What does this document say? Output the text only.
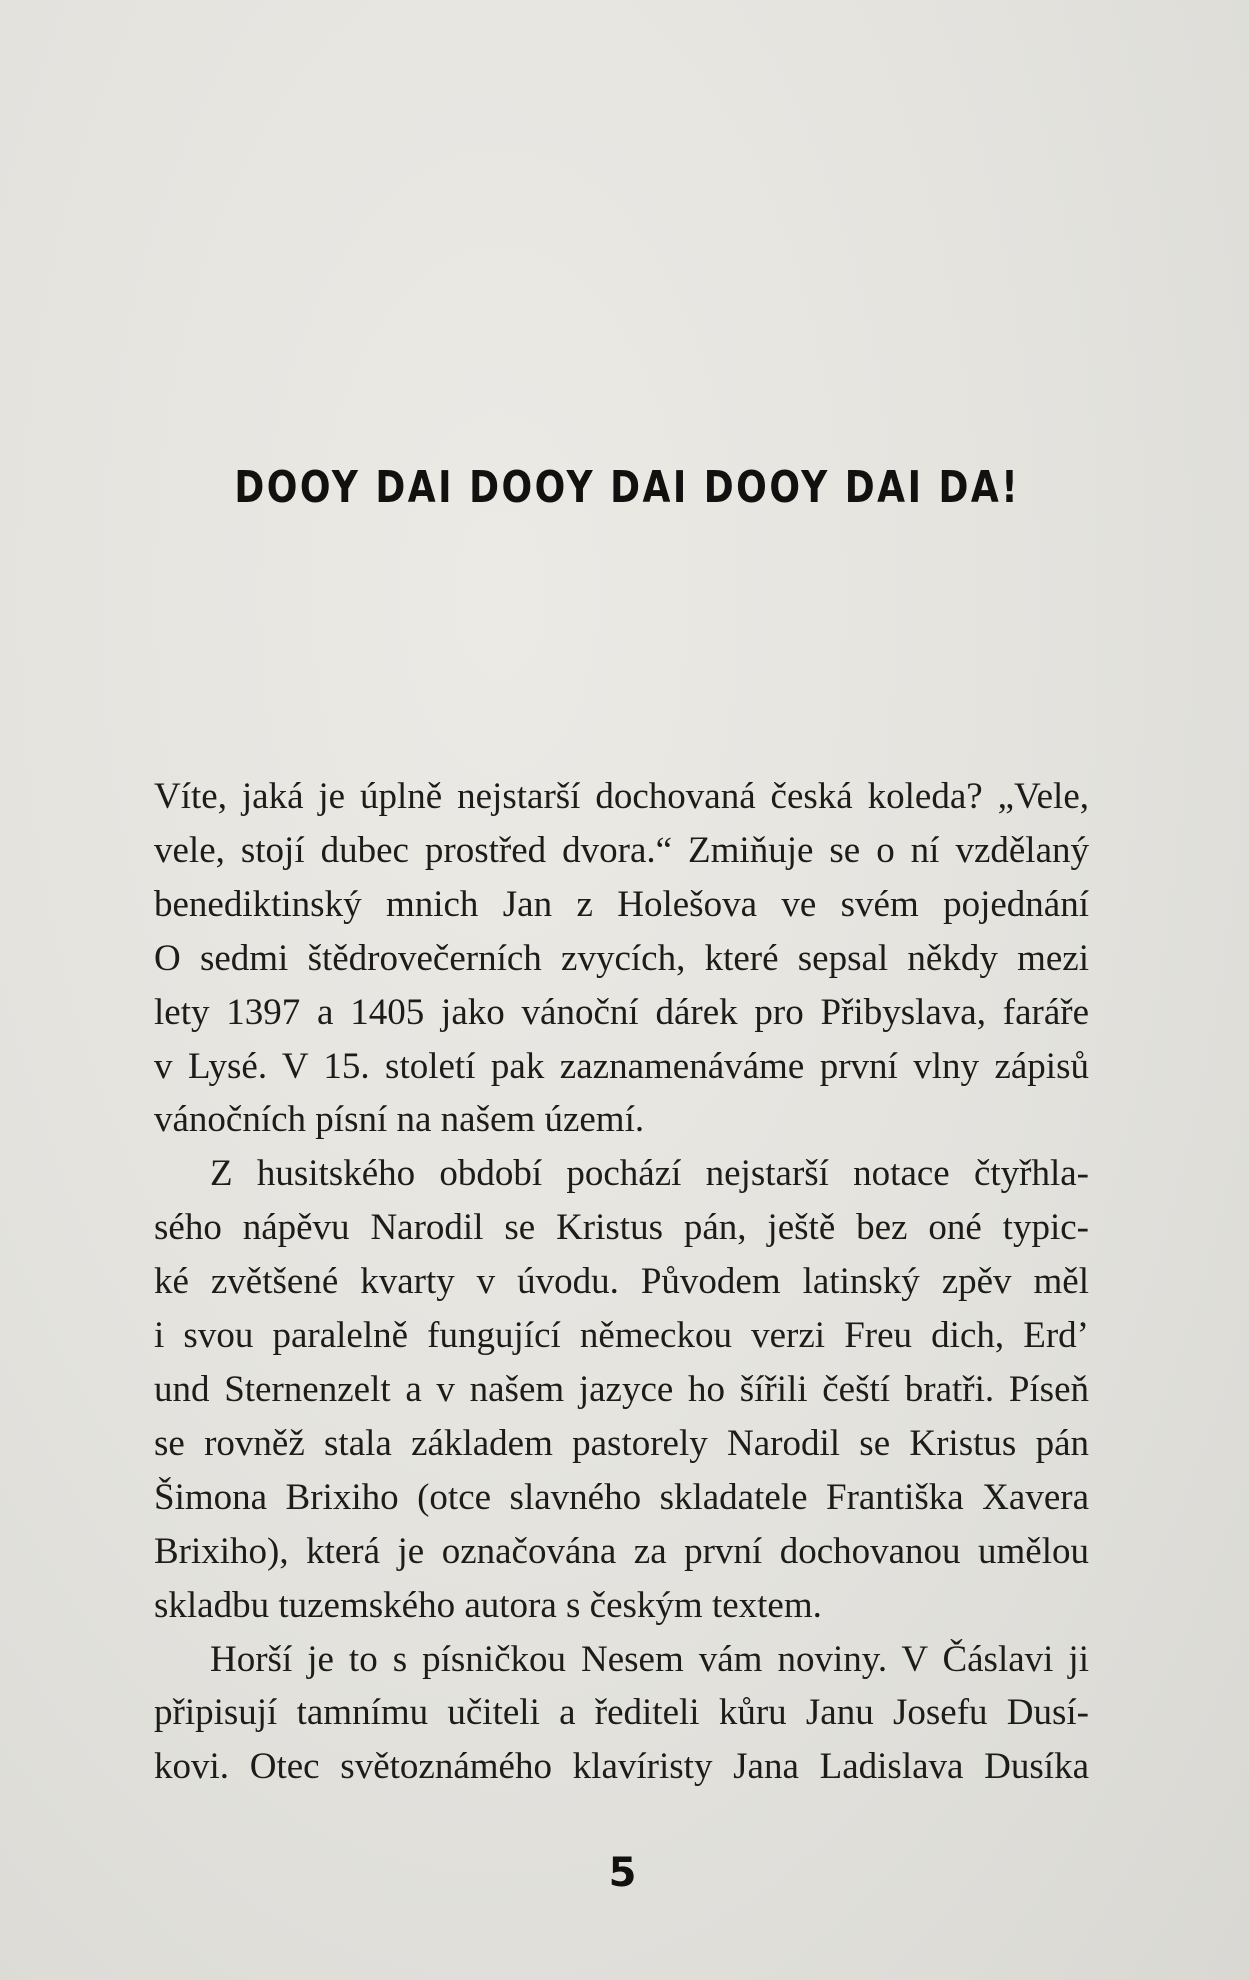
DOOY DAI DOOY DAI DOOY DAI DA!

Víte, jaká je úplně nejstarší dochovaná česká koleda? „Vele,
vele, stojí dubec prostřed dvora.“ Zmiňuje se o ní vzdělaný
benediktinský mnich Jan z Holešova ve svém pojednání
O sedmi štědrovečerních zvycích, které sepsal někdy mezi
lety 1397 a 1405 jako vánoční dárek pro Přibyslava, faráře
v Lysé. V 15. století pak zaznamenáváme první vlny zápisů
vánočních písní na našem území.

Z husitského období pochází nejstarší notace čtyřhla-
sého nápěvu Narodil se Kristus pán, ještě bez oné typic-
ké zvětšené kvarty v úvodu. Původem latinský zpěv měl
i svou paralelně fungující německou verzi Freu dich, Erd’
und Sternenzelt a v našem jazyce ho šířili čeští bratři. Píseň
se rovněž stala základem pastorely Narodil se Kristus pán
Šimona Brixiho (otce slavného skladatele Františka Xavera
Brixiho), která je označována za první dochovanou umělou
skladbu tuzemského autora s českým textem.

Horší je to s písničkou Nesem vám noviny. V Čáslavi ji
připisují tamnímu učiteli a řediteli kůru Janu Josefu Dusí-
kovi. Otec světoznámého klavíristy Jana Ladislava Dusíka

5
